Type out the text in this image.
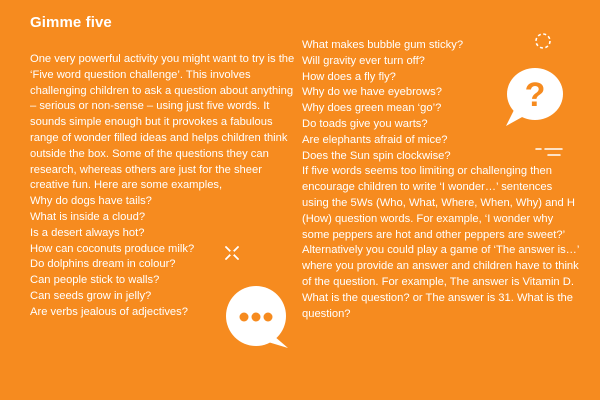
Gimme five
One very powerful activity you might want to try is the ‘Five word question challenge’. This involves challenging children to ask a question about anything – serious or non-sense – using just five words. It sounds simple enough but it provokes a fabulous range of wonder filled ideas and helps children think outside the box. Some of the questions they can research, whereas others are just for the sheer creative fun. Here are some examples,
Why do dogs have tails?
What is inside a cloud?
Is a desert always hot?
How can coconuts produce milk?
Do dolphins dream in colour?
Can people stick to walls?
Can seeds grow in jelly?
Are verbs jealous of adjectives?
What makes bubble gum sticky?
Will gravity ever turn off?
How does a fly fly?
Why do we have eyebrows?
Why does green mean ‘go’?
Do toads give you warts?
Are elephants afraid of mice?
Does the Sun spin clockwise?
If five words seems too limiting or challenging then encourage children to write ‘I wonder…’ sentences using the 5Ws (Who, What, Where, When, Why) and H (How) question words. For example, ‘I wonder why some peppers are hot and other peppers are sweet?’
Alternatively you could play a game of ‘The answer is…’ where you provide an answer and children have to think of the question. For example, The answer is Vitamin D. What is the question? or The answer is 31. What is the question?
?
